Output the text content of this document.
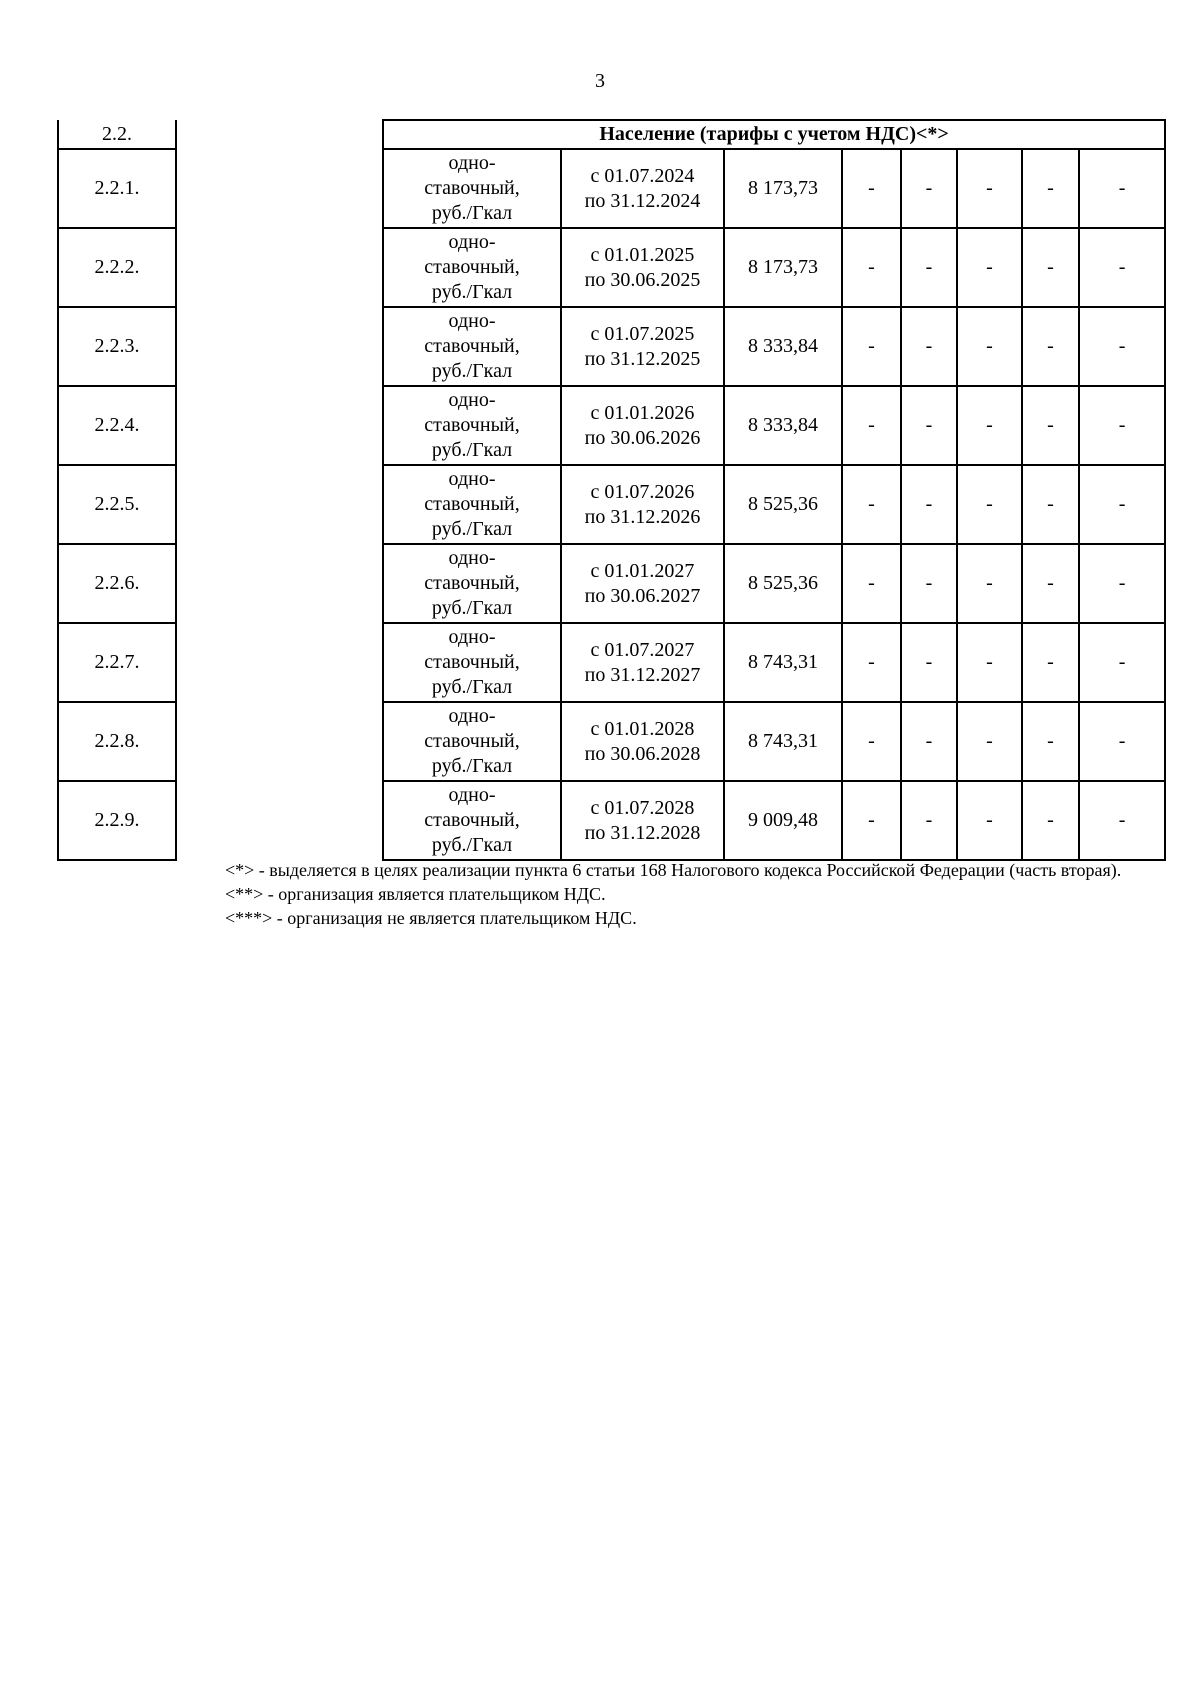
3
2.2.		Население (тарифы с учетом НДС)<*>							
2.2.1.		одно-
ставочный,
руб./Гкал	с 01.07.2024
по 31.12.2024	8 173,73	-	-	-	-	-
2.2.2.		одно-
ставочный,
руб./Гкал	с 01.01.2025
по 30.06.2025	8 173,73	-	-	-	-	-
2.2.3.		одно-
ставочный,
руб./Гкал	с 01.07.2025
по 31.12.2025	8 333,84	-	-	-	-	-
2.2.4.		одно-
ставочный,
руб./Гкал	с 01.01.2026
по 30.06.2026	8 333,84	-	-	-	-	-
2.2.5.		одно-
ставочный,
руб./Гкал	с 01.07.2026
по 31.12.2026	8 525,36	-	-	-	-	-
2.2.6.		одно-
ставочный,
руб./Гкал	с 01.01.2027
по 30.06.2027	8 525,36	-	-	-	-	-
2.2.7.		одно-
ставочный,
руб./Гкал	с 01.07.2027
по 31.12.2027	8 743,31	-	-	-	-	-
2.2.8.		одно-
ставочный,
руб./Гкал	с 01.01.2028
по 30.06.2028	8 743,31	-	-	-	-	-
2.2.9.		одно-
ставочный,
руб./Гкал	с 01.07.2028
по 31.12.2028	9 009,48	-	-	-	-	-

<*> - выделяется в целях реализации пункта 6 статьи 168 Налогового кодекса Российской Федерации (часть вторая).

<**> - организация является плательщиком НДС.

<***> - организация не является плательщиком НДС.
